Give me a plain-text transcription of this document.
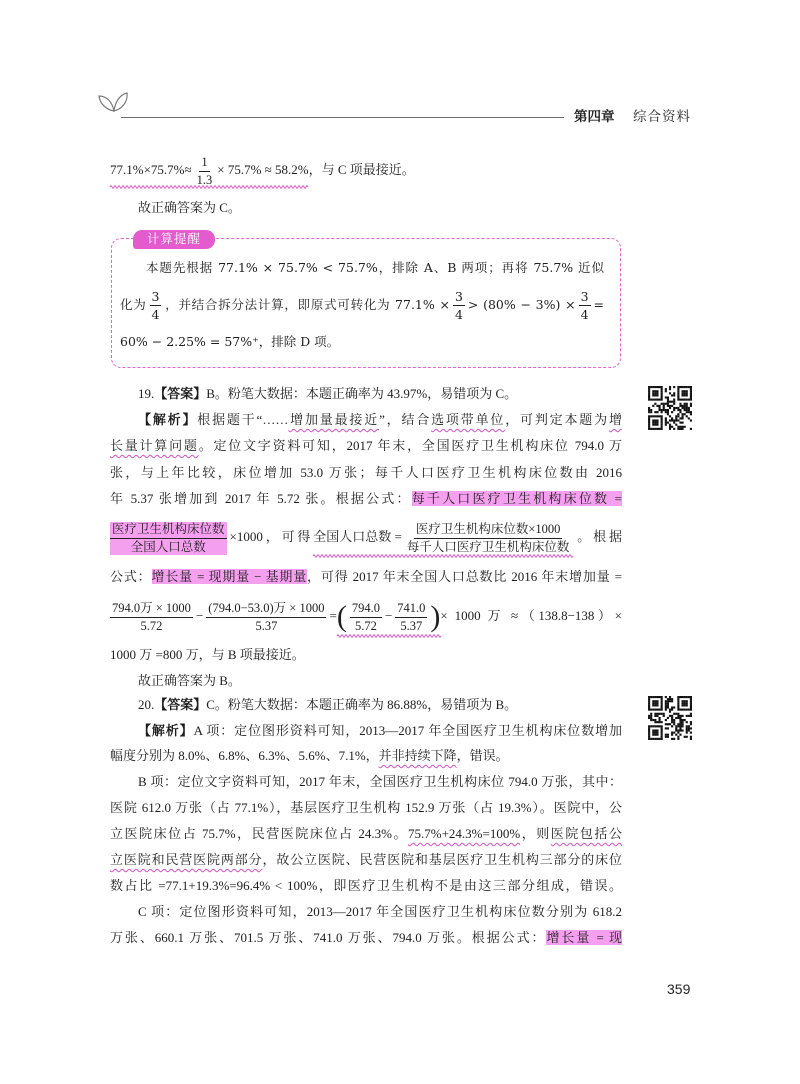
第四章 综合资料
$77.1\%\times 75.7\%\approx \frac{1}{1.3} \times 75.7\% \approx 58.2\%$
，与 C 项最接近。
故正确答案为 C。
计算提醒
本题先根据 77.1% × 75.7% < 75.7%，排除 A、B 两项；再将 75.7% 近似
化为 $\frac{3}{4}$ ，并结合拆分法计算，即原式可转化为 $77.1\% \times \frac{3}{4} > (80\% - 3\%) \times \frac{3}{4}$ =
60% − 2.25% = 57%⁺，排除 D 项。
19.【答案】B。粉笔大数据：本题正确率为 43.97%，易错项为 C。
【解析】根据题干“……增加量最接近”，结合选项带单位，可判定本题为增
长量计算问题。定位文字资料可知，2017 年末，全国医疗卫生机构床位 794.0 万
张，与上年比较，床位增加 53.0 万张；每千人口医疗卫生机构床位数由 2016
年 5.37 张增加到 2017 年 5.72 张。根据公式：每千人口医疗卫生机构床位数 =
$\frac{\text{医疗卫生机构床位数}}{\text{全国人口总数}} \times 1000$，可得全国人口总数 = $\frac{\text{医疗卫生机构床位数×1000}}{\text{每千人口医疗卫生机构床位数}}$ 。根据
公式：增长量 = 现期量 − 基期量，可得 2017 年末全国人口总数比 2016 年末增加量 =
$\frac{\text{794.0万 × 1000}}{5.72} - \frac{\text{(794.0−53.0)万 × 1000}}{5.37}$ =( $\frac{794.0}{5.72} - \frac{741.0}{5.37}$ )
× 1000 万 ≈（138.8−138）×
1000 万 =800 万，与 B 项最接近。
故正确答案为 B。
20.【答案】C。粉笔大数据：本题正确率为 86.88%，易错项为 B。
【解析】A 项：定位图形资料可知，2013—2017 年全国医疗卫生机构床位数增加
幅度分别为 8.0%、6.8%、6.3%、5.6%、7.1%，并非持续下降，错误。
B 项：定位文字资料可知，2017 年末，全国医疗卫生机构床位 794.0 万张，其中：
医院 612.0 万张（占 77.1%），基层医疗卫生机构 152.9 万张（占 19.3%）。医院中，公
立医院床位占 75.7%，民营医院床位占 24.3%。75.7%+24.3%=100%，则医院包括公
立医院和民营医院两部分，故公立医院、民营医院和基层医疗卫生机构三部分的床位
数占比 =77.1+19.3%=96.4% < 100%，即医疗卫生机构不是由这三部分组成，错误。
C 项：定位图形资料可知，2013—2017 年全国医疗卫生机构床位数分别为 618.2
万张、660.1 万张、701.5 万张、741.0 万张、794.0 万张。根据公式：增长量 = 现
359
